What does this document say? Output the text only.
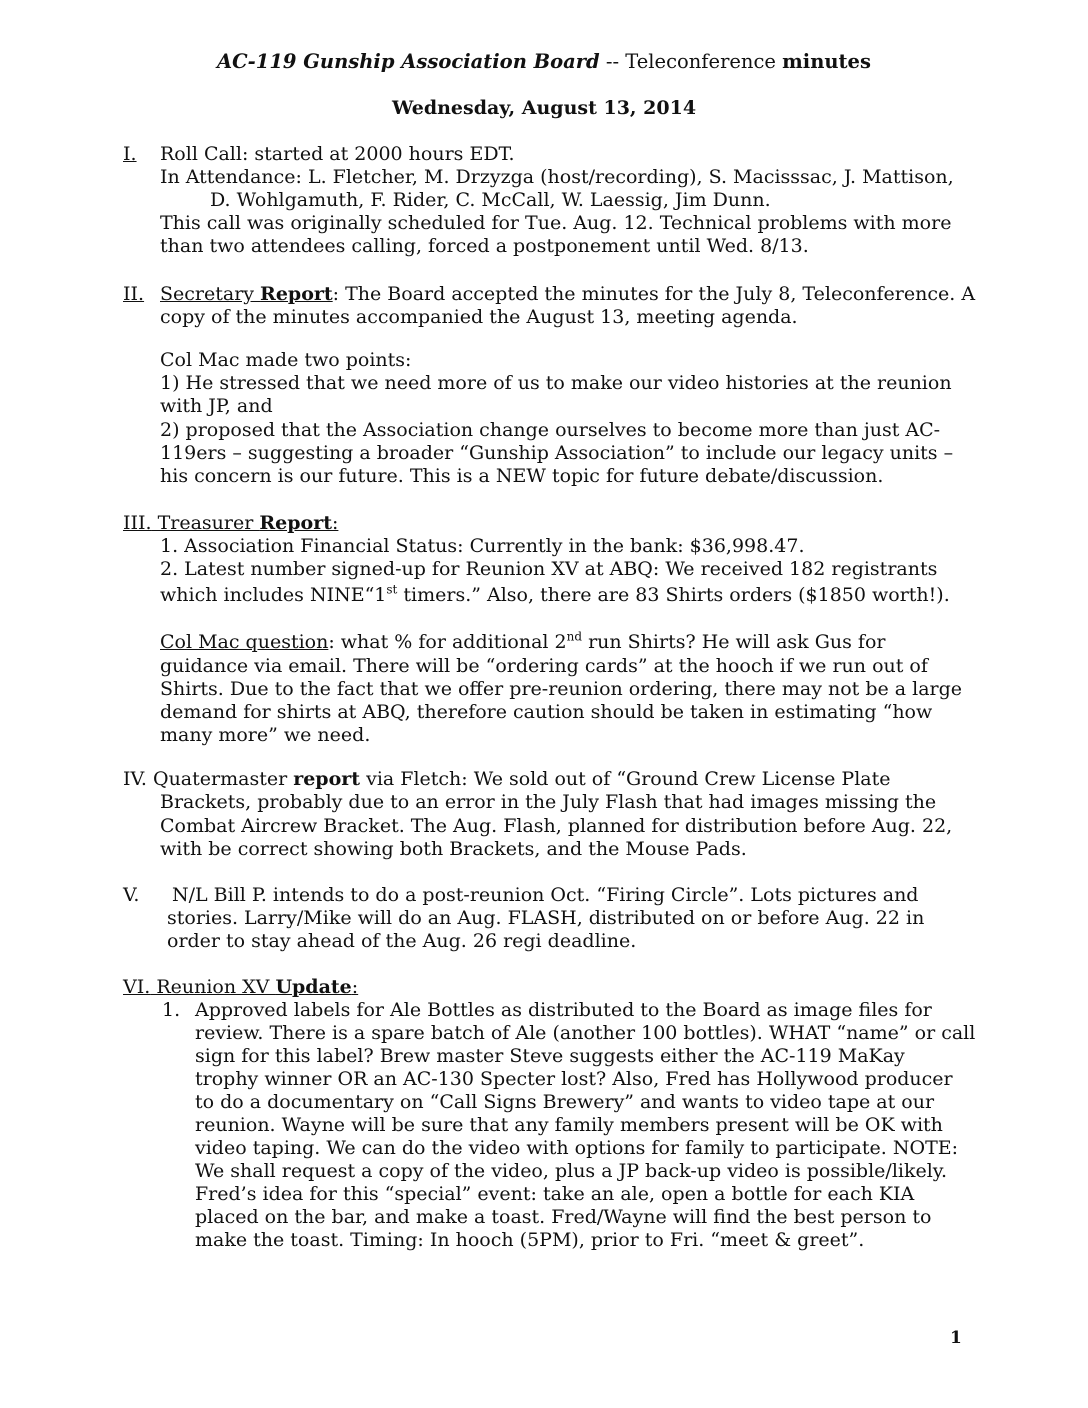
AC-119 Gunship Association Board -- Teleconference minutes
Wednesday, August 13, 2014
I. Roll Call: started at 2000 hours EDT.
In Attendance: L. Fletcher, M. Drzyzga (host/recording), S. Macisssac, J. Mattison,
D. Wohlgamuth, F. Rider, C. McCall, W. Laessig, Jim Dunn.
This call was originally scheduled for Tue. Aug. 12. Technical problems with more
than two attendees calling, forced a postponement until Wed. 8/13.
II. Secretary Report: The Board accepted the minutes for the July 8, Teleconference. A
copy of the minutes accompanied the August 13, meeting agenda.
Col Mac made two points:
1) He stressed that we need more of us to make our video histories at the reunion
with JP, and
2) proposed that the Association change ourselves to become more than just AC-
119ers – suggesting a broader “Gunship Association” to include our legacy units –
his concern is our future. This is a NEW topic for future debate/discussion.
III. Treasurer Report:
1. Association Financial Status: Currently in the bank: $36,998.47.
2. Latest number signed-up for Reunion XV at ABQ: We received 182 registrants
which includes NINE“1st timers.” Also, there are 83 Shirts orders ($1850 worth!).
Col Mac question: what % for additional 2nd run Shirts? He will ask Gus for
guidance via email. There will be “ordering cards” at the hooch if we run out of
Shirts. Due to the fact that we offer pre-reunion ordering, there may not be a large
demand for shirts at ABQ, therefore caution should be taken in estimating “how
many more” we need.
IV. Quatermaster report via Fletch: We sold out of “Ground Crew License Plate
Brackets, probably due to an error in the July Flash that had images missing the
Combat Aircrew Bracket. The Aug. Flash, planned for distribution before Aug. 22,
with be correct showing both Brackets, and the Mouse Pads.
V. N/L Bill P. intends to do a post-reunion Oct. “Firing Circle”. Lots pictures and
stories. Larry/Mike will do an Aug. FLASH, distributed on or before Aug. 22 in
order to stay ahead of the Aug. 26 regi deadline.
VI. Reunion XV Update:
1. Approved labels for Ale Bottles as distributed to the Board as image files for
review. There is a spare batch of Ale (another 100 bottles). WHAT “name” or call
sign for this label? Brew master Steve suggests either the AC-119 MaKay
trophy winner OR an AC-130 Specter lost? Also, Fred has Hollywood producer
to do a documentary on “Call Signs Brewery” and wants to video tape at our
reunion. Wayne will be sure that any family members present will be OK with
video taping. We can do the video with options for family to participate. NOTE:
We shall request a copy of the video, plus a JP back-up video is possible/likely.
Fred’s idea for this “special” event: take an ale, open a bottle for each KIA
placed on the bar, and make a toast. Fred/Wayne will find the best person to
make the toast. Timing: In hooch (5PM), prior to Fri. “meet & greet”.
1
